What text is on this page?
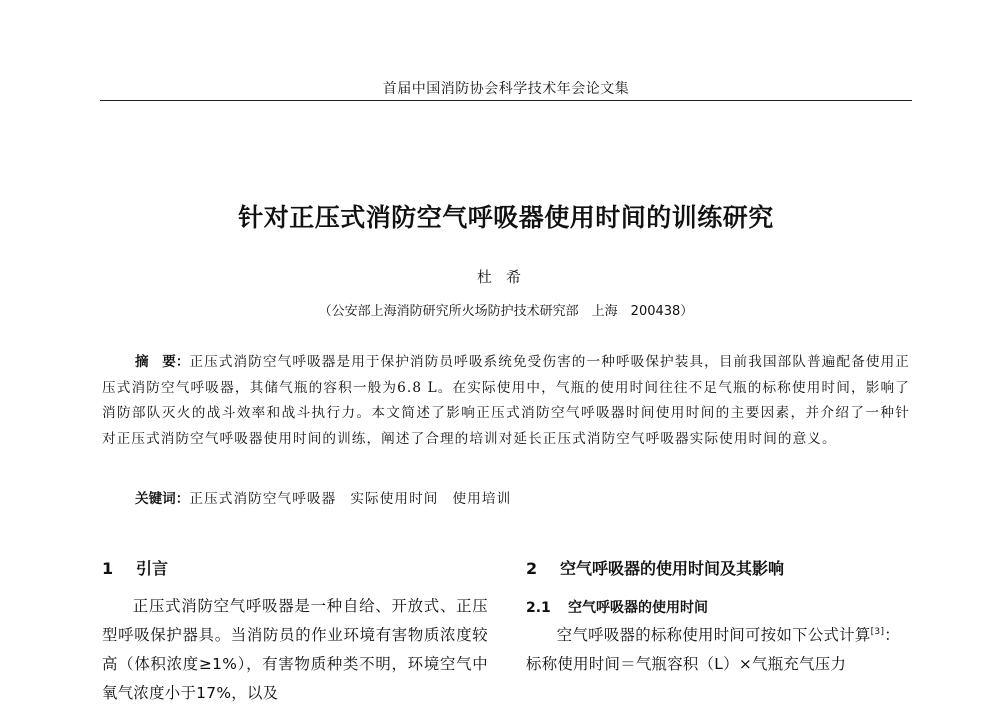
首届中国消防协会科学技术年会论文集
针对正压式消防空气呼吸器使用时间的训练研究
杜希
（公安部上海消防研究所火场防护技术研究部　上海　200438）
摘　要：正压式消防空气呼吸器是用于保护消防员呼吸系统免受伤害的一种呼吸保护装具，目前我国部队普遍配备使用正压式消防空气呼吸器，其储气瓶的容积一般为6.8 L。在实际使用中，气瓶的使用时间往往不足气瓶的标称使用时间，影响了消防部队灭火的战斗效率和战斗执行力。本文简述了影响正压式消防空气呼吸器时间使用时间的主要因素，并介绍了一种针对正压式消防空气呼吸器使用时间的训练，阐述了合理的培训对延长正压式消防空气呼吸器实际使用时间的意义。
关键词：正压式消防空气呼吸器 实际使用时间 使用培训
1 引言
正压式消防空气呼吸器是一种自给、开放式、正压型呼吸保护器具。当消防员的作业环境有害物质浓度较高（体积浓度≥1%），有害物质种类不明，环境空气中氧气浓度小于17%，以及
2 空气呼吸器的使用时间及其影响
2.1 空气呼吸器的使用时间
空气呼吸器的标称使用时间可按如下公式计算[3]：
标称使用时间＝气瓶容积（L）×气瓶充气压力
